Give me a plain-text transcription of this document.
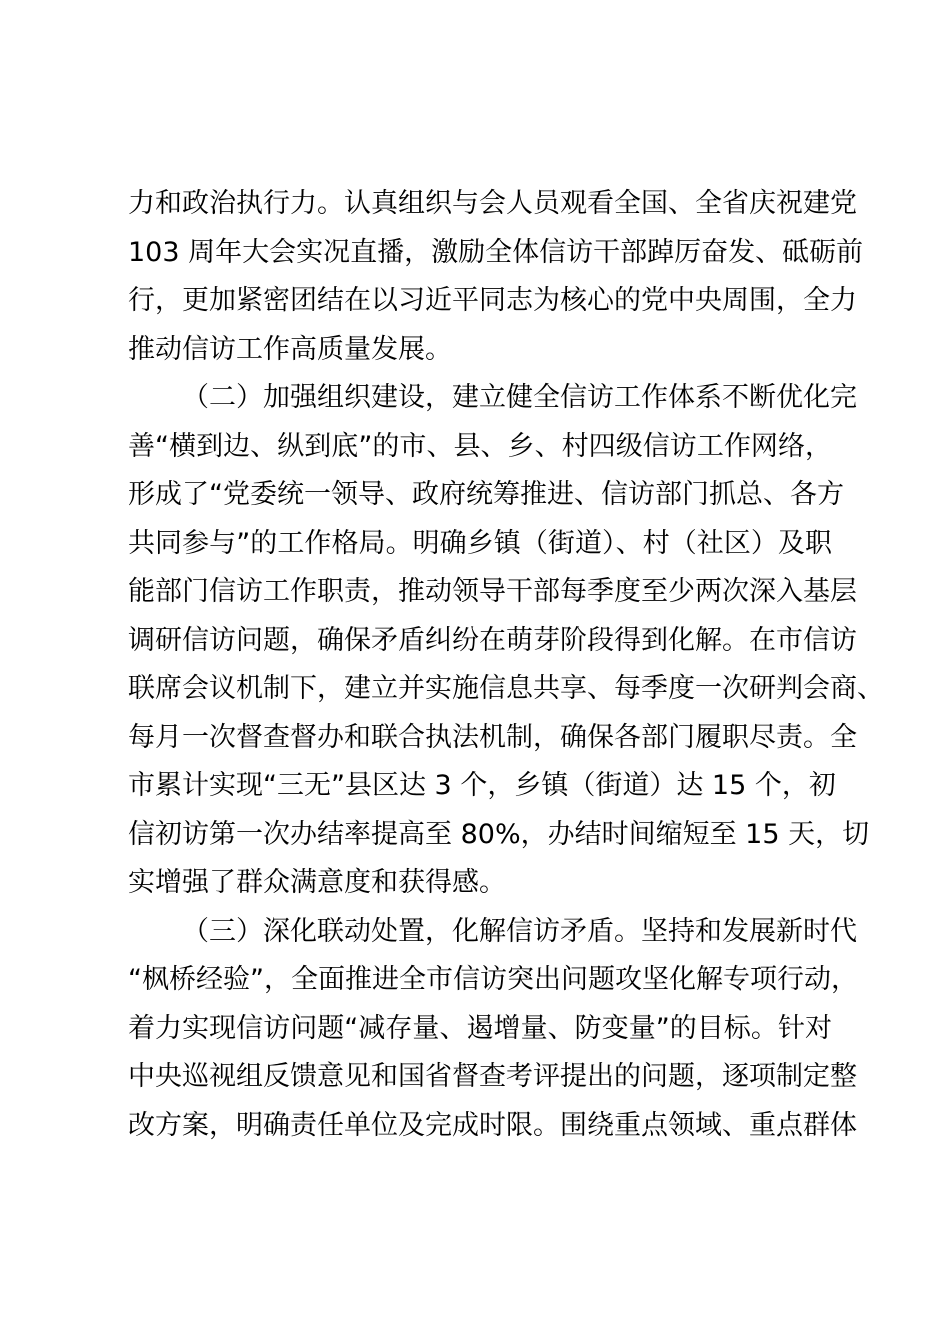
力和政治执行力。认真组织与会人员观看全国、全省庆祝建党
103 周年大会实况直播，激励全体信访干部踔厉奋发、砥砺前
行，更加紧密团结在以习近平同志为核心的党中央周围，全力
推动信访工作高质量发展。
（二）加强组织建设，建立健全信访工作体系不断优化完
善“横到边、纵到底”的市、县、乡、村四级信访工作网络，
形成了“党委统一领导、政府统筹推进、信访部门抓总、各方
共同参与”的工作格局。明确乡镇（街道）、村（社区）及职
能部门信访工作职责，推动领导干部每季度至少两次深入基层
调研信访问题，确保矛盾纠纷在萌芽阶段得到化解。在市信访
联席会议机制下，建立并实施信息共享、每季度一次研判会商、
每月一次督查督办和联合执法机制，确保各部门履职尽责。全
市累计实现“三无”县区达 3 个，乡镇（街道）达 15 个，初
信初访第一次办结率提高至 80%，办结时间缩短至 15 天，切
实增强了群众满意度和获得感。
（三）深化联动处置，化解信访矛盾。坚持和发展新时代
“枫桥经验”，全面推进全市信访突出问题攻坚化解专项行动，
着力实现信访问题“减存量、遏增量、防变量”的目标。针对
中央巡视组反馈意见和国省督查考评提出的问题，逐项制定整
改方案，明确责任单位及完成时限。围绕重点领域、重点群体
